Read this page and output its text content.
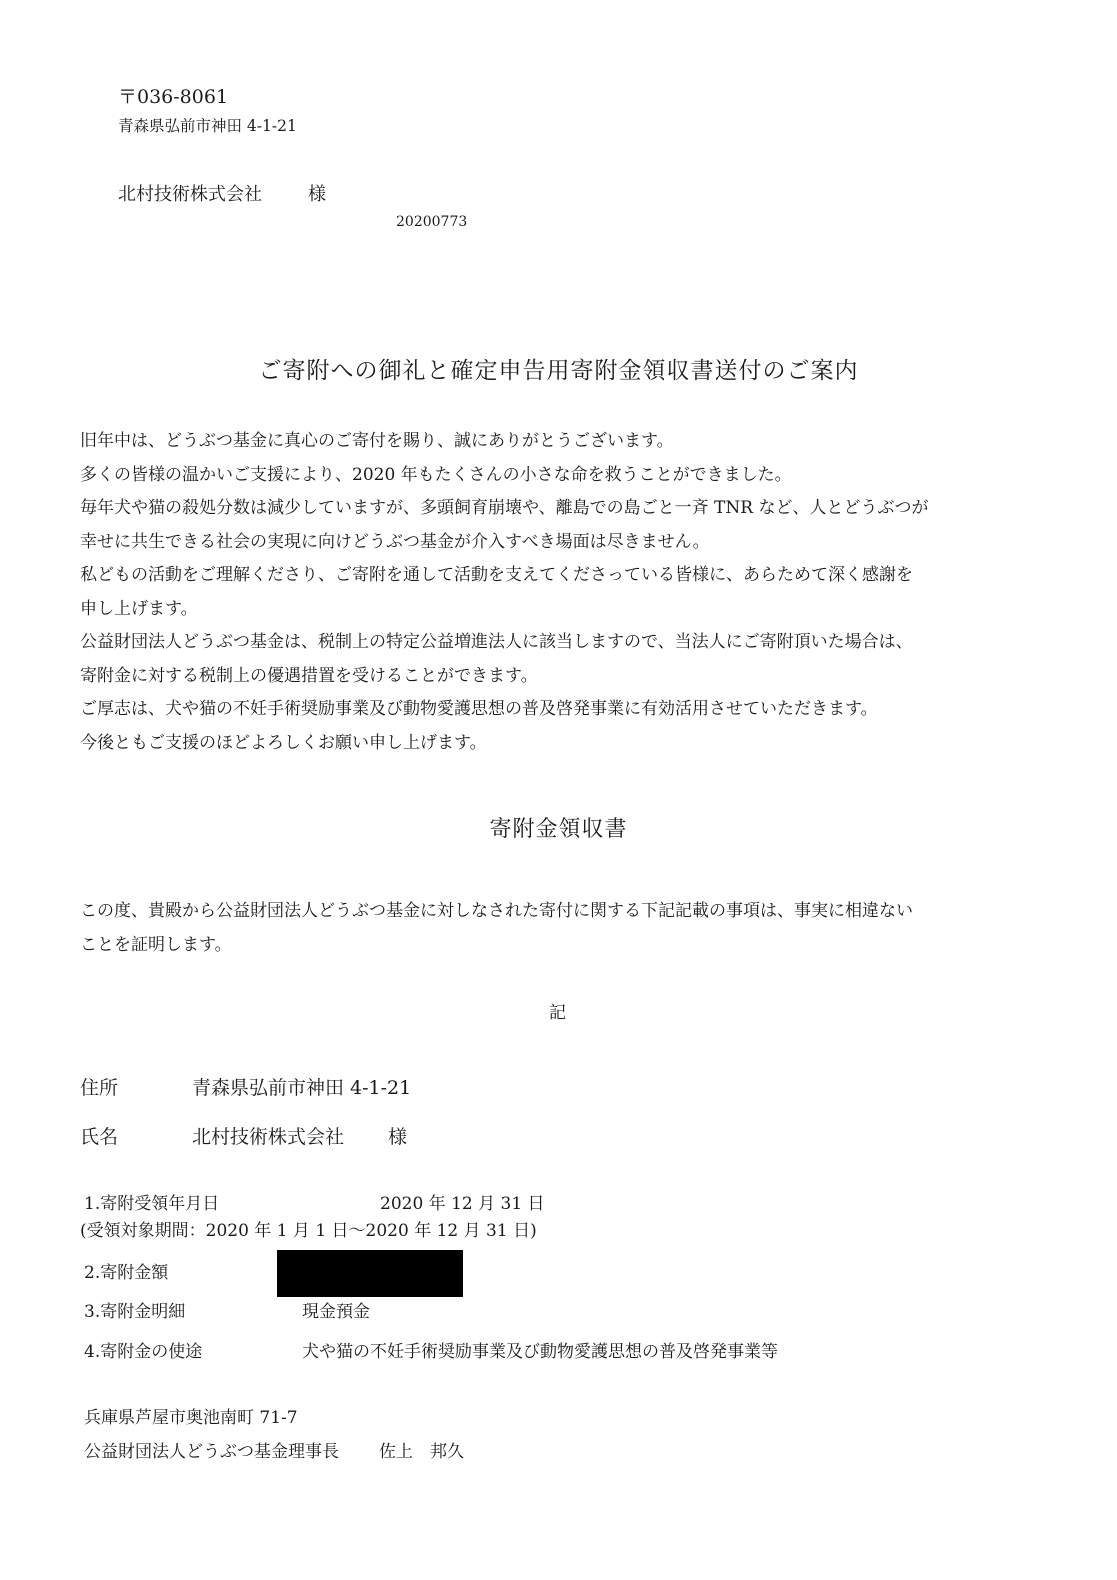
〒036-8061
青森県弘前市神田 4-1-21
北村技術株式会社	様
20200773
ご寄附への御礼と確定申告用寄附金領収書送付のご案内

旧年中は、どうぶつ基金に真心のご寄付を賜り、誠にありがとうございます。

多くの皆様の温かいご支援により、2020 年もたくさんの小さな命を救うことができました。

毎年犬や猫の殺処分数は減少していますが、多頭飼育崩壊や、離島での島ごと一斉 TNR など、人とどうぶつが

幸せに共生できる社会の実現に向けどうぶつ基金が介入すべき場面は尽きません。

私どもの活動をご理解くださり、ご寄附を通して活動を支えてくださっている皆様に、あらためて深く感謝を

申し上げます。

公益財団法人どうぶつ基金は、税制上の特定公益増進法人に該当しますので、当法人にご寄附頂いた場合は、

寄附金に対する税制上の優遇措置を受けることができます。

ご厚志は、犬や猫の不妊手術奨励事業及び動物愛護思想の普及啓発事業に有効活用させていただきます。

今後ともご支援のほどよろしくお願い申し上げます。

寄附金領収書

この度、貴殿から公益財団法人どうぶつ基金に対しなされた寄付に関する下記記載の事項は、事実に相違ない

ことを証明します。

記
住所	青森県弘前市神田 4-1-21
氏名	北村技術株式会社 様
1.寄附受領年月日	2020 年 12 月 31 日
(受領対象期間：2020 年 1 月 1 日～2020 年 12 月 31 日)
2.寄附金額
3.寄附金明細	現金預金
4.寄附金の使途	犬や猫の不妊手術奨励事業及び動物愛護思想の普及啓発事業等
兵庫県芦屋市奥池南町 71-7
公益財団法人どうぶつ基金理事長 佐上　邦久
